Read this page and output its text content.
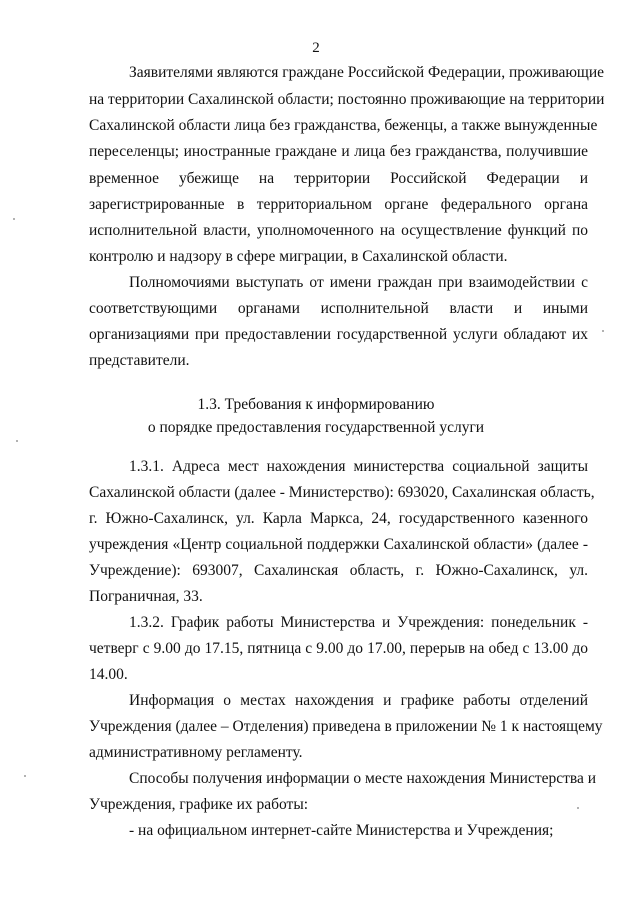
2
Заявителями являются граждане Российской Федерации, проживающие
на территории Сахалинской области; постоянно проживающие на территории
Сахалинской области лица без гражданства, беженцы, а также вынужденные
переселенцы; иностранные граждане и лица без гражданства, получившие
временное убежище на территории Российской Федерации и
зарегистрированные в территориальном органе федерального органа
исполнительной власти, уполномоченного на осуществление функций по
контролю и надзору в сфере миграции, в Сахалинской области.
Полномочиями выступать от имени граждан при взаимодействии с
соответствующими органами исполнительной власти и иными
организациями при предоставлении государственной услуги обладают их
представители.
1.3. Требования к информированию
о порядке предоставления государственной услуги
1.3.1. Адреса мест нахождения министерства социальной защиты
Сахалинской области (далее - Министерство): 693020, Сахалинская область,
г. Южно-Сахалинск, ул. Карла Маркса, 24, государственного казенного
учреждения «Центр социальной поддержки Сахалинской области» (далее -
Учреждение): 693007, Сахалинская область, г. Южно-Сахалинск, ул.
Пограничная, 33.
1.3.2. График работы Министерства и Учреждения: понедельник -
четверг с 9.00 до 17.15, пятница с 9.00 до 17.00, перерыв на обед с 13.00 до
14.00.
Информация о местах нахождения и графике работы отделений
Учреждения (далее – Отделения) приведена в приложении № 1 к настоящему
административному регламенту.
Способы получения информации о месте нахождения Министерства и
Учреждения, графике их работы:
- на официальном интернет-сайте Министерства и Учреждения;
